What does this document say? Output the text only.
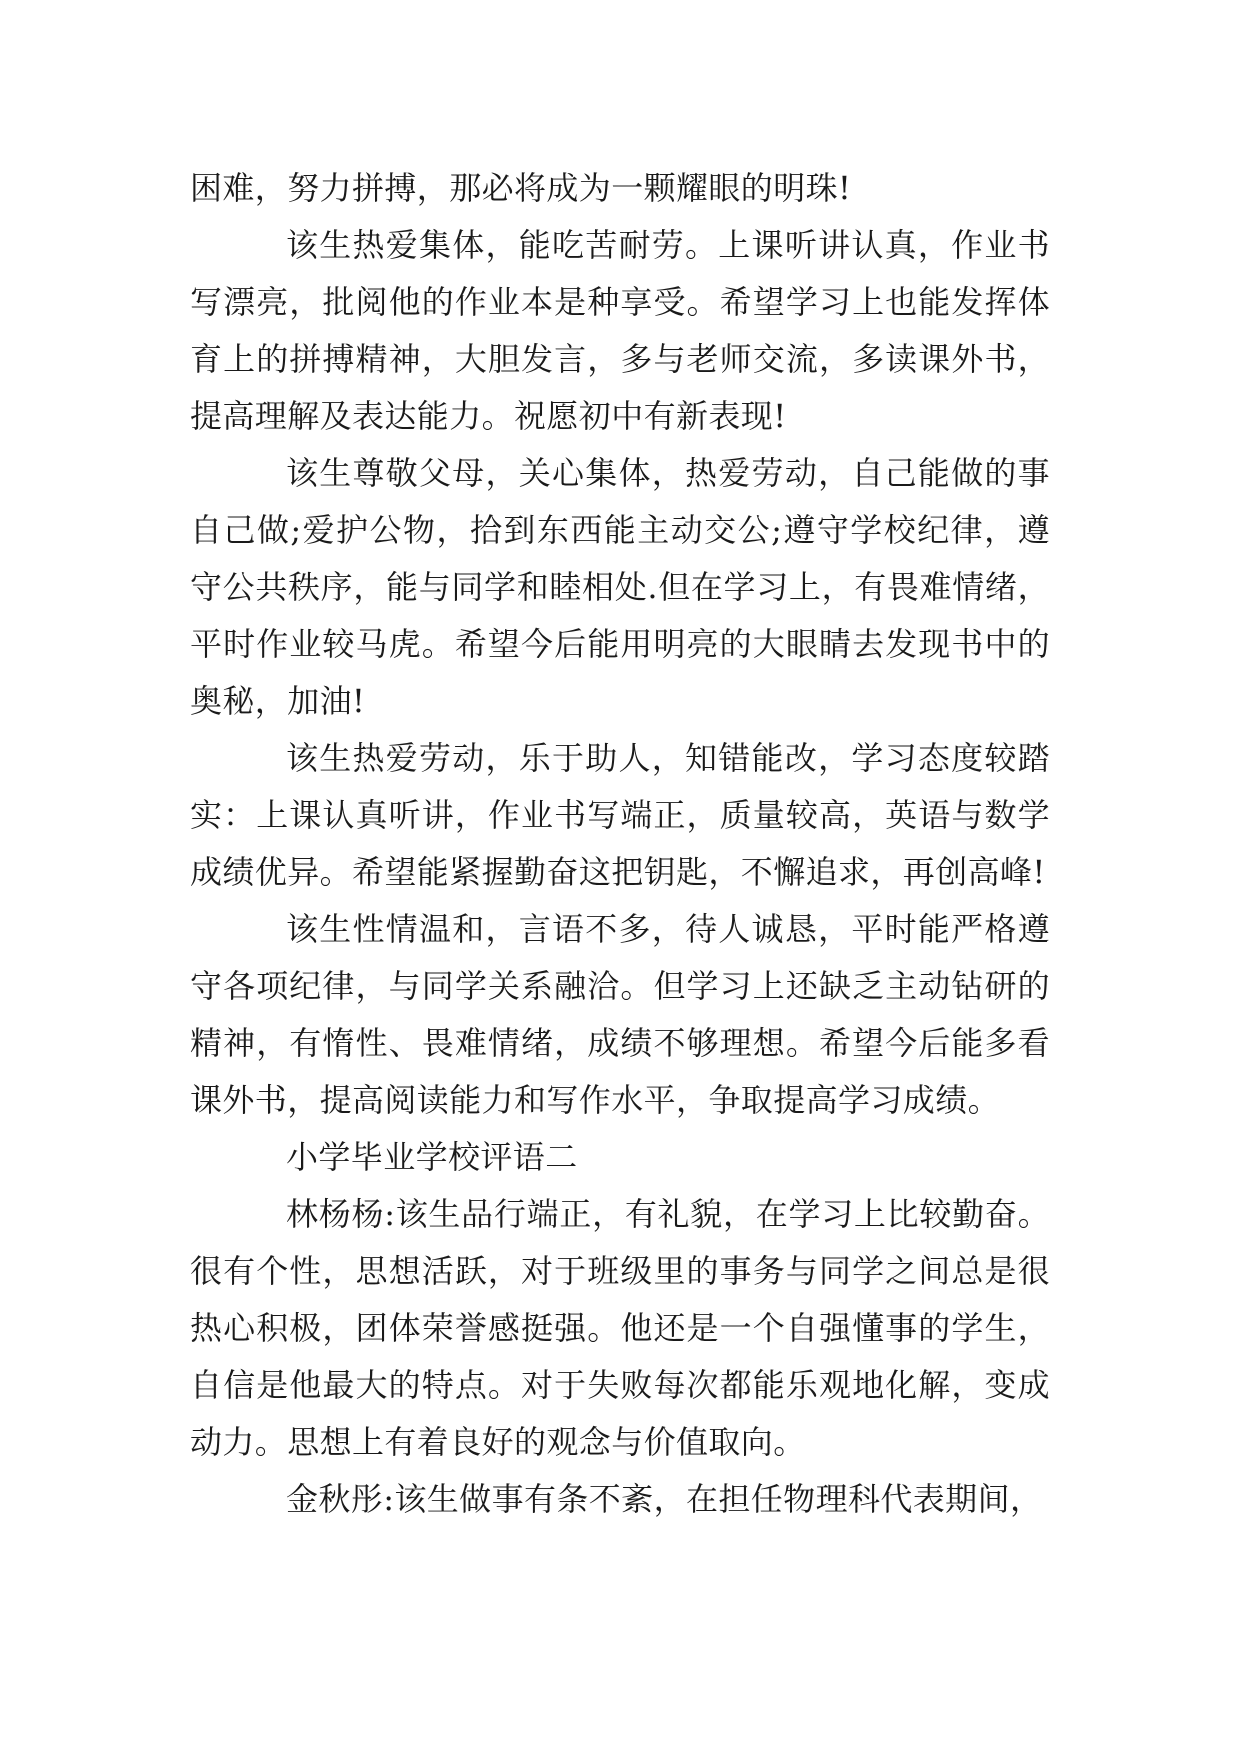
困难，努力拼搏，那必将成为一颗耀眼的明珠!

该生热爱集体，能吃苦耐劳。上课听讲认真，作业书写漂亮，批阅他的作业本是种享受。希望学习上也能发挥体育上的拼搏精神，大胆发言，多与老师交流，多读课外书，提高理解及表达能力。祝愿初中有新表现!

该生尊敬父母，关心集体，热爱劳动，自己能做的事自己做;爱护公物，拾到东西能主动交公;遵守学校纪律，遵守公共秩序，能与同学和睦相处.但在学习上，有畏难情绪，平时作业较马虎。希望今后能用明亮的大眼睛去发现书中的奥秘，加油!

该生热爱劳动，乐于助人，知错能改，学习态度较踏实：上课认真听讲，作业书写端正，质量较高，英语与数学成绩优异。希望能紧握勤奋这把钥匙，不懈追求，再创高峰!

该生性情温和，言语不多，待人诚恳，平时能严格遵守各项纪律，与同学关系融洽。但学习上还缺乏主动钻研的精神，有惰性、畏难情绪，成绩不够理想。希望今后能多看课外书，提高阅读能力和写作水平，争取提高学习成绩。

小学毕业学校评语二

林杨杨:该生品行端正，有礼貌，在学习上比较勤奋。很有个性，思想活跃，对于班级里的事务与同学之间总是很热心积极，团体荣誉感挺强。他还是一个自强懂事的学生，自信是他最大的特点。对于失败每次都能乐观地化解，变成动力。思想上有着良好的观念与价值取向。

金秋彤:该生做事有条不紊，在担任物理科代表期间，
